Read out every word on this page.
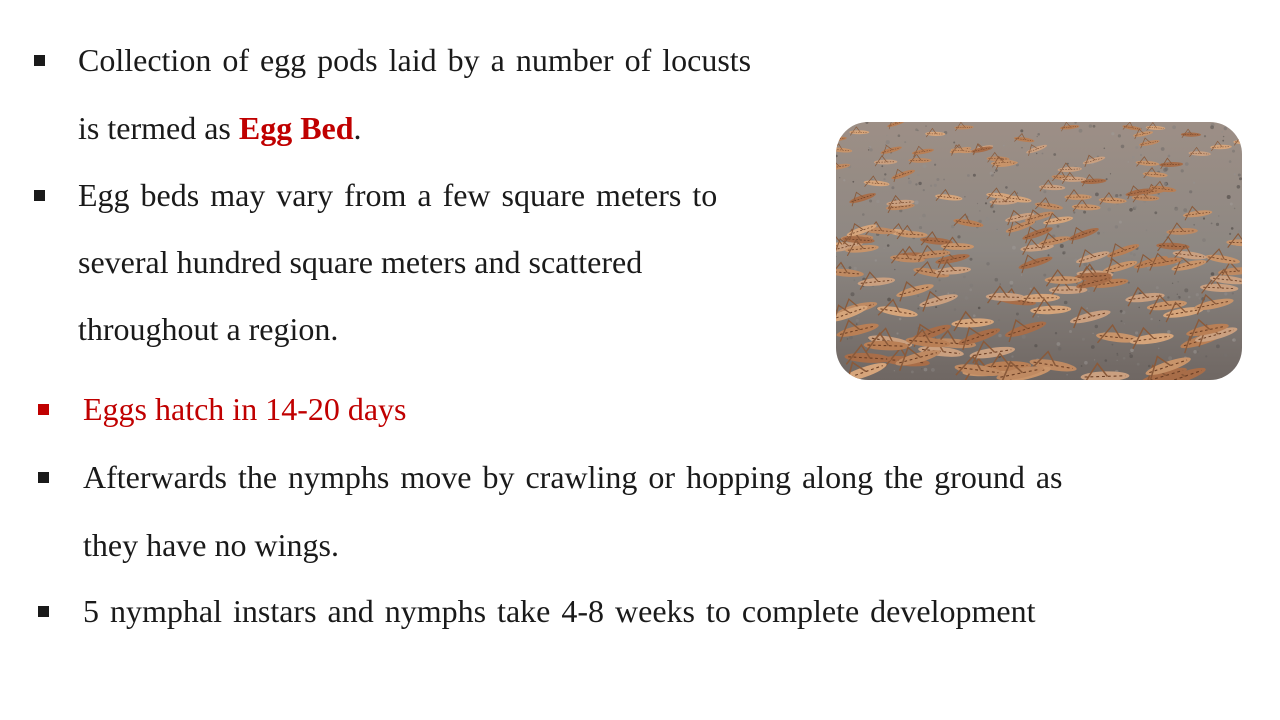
Collection of egg pods laid by a number of locusts
is termed as Egg Bed.
Egg beds may vary from a few square meters to
several hundred square meters and scattered
throughout a region.
Eggs hatch in 14-20 days
Afterwards the nymphs move by crawling or hopping along the ground as
they have no wings.
5 nymphal instars and nymphs take 4-8 weeks to complete development
